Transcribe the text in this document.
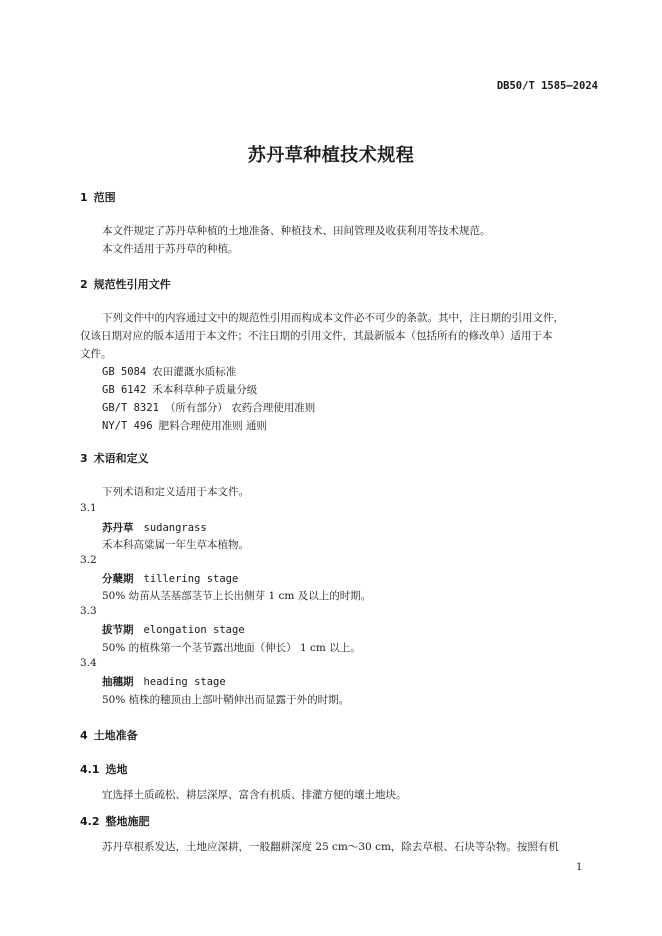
DB50/T 1585—2024
苏丹草种植技术规程
1 范围
本文件规定了苏丹草种植的土地准备、种植技术、田间管理及收获利用等技术规范。
本文件适用于苏丹草的种植。
2 规范性引用文件
下列文件中的内容通过文中的规范性引用而构成本文件必不可少的条款。其中，注日期的引用文件，
仅该日期对应的版本适用于本文件；不注日期的引用文件，其最新版本（包括所有的修改单）适用于本
文件。
GB 5084 农田灌溉水质标准
GB 6142 禾本科草种子质量分级
GB/T 8321 （所有部分） 农药合理使用准则
NY/T 496 肥料合理使用准则 通则
3 术语和定义
下列术语和定义适用于本文件。
3.1
苏丹草 sudangrass
禾本科高粱属一年生草本植物。
3.2
分蘖期 tillering stage
50% 幼苗从茎基部茎节上长出侧芽 1 cm 及以上的时期。
3.3
拔节期 elongation stage
50% 的植株第一个茎节露出地面（伸长） 1 cm 以上。
3.4
抽穗期 heading stage
50% 植株的穗顶由上部叶鞘伸出而显露于外的时期。
4 土地准备
4.1 选地
宜选择土质疏松、耕层深厚、富含有机质、排灌方便的壤土地块。
4.2 整地施肥
苏丹草根系发达，土地应深耕，一般翻耕深度 25 cm～30 cm，除去草根、石块等杂物。按照有机
1
